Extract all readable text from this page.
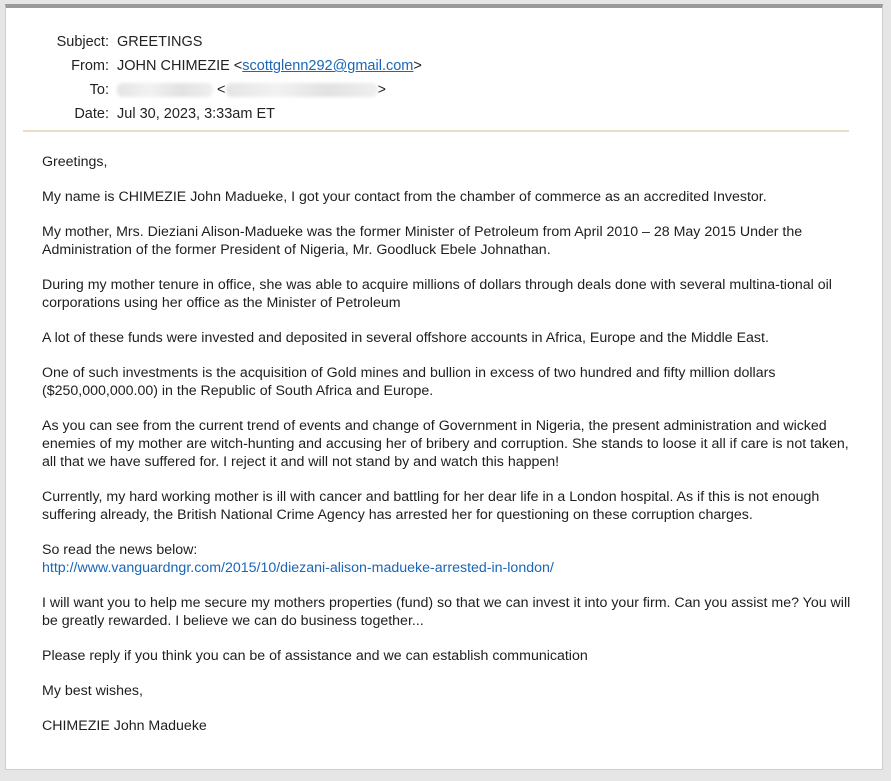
Subject: GREETINGS
From: JOHN CHIMEZIE <scottglenn292@gmail.com>
To:	<	>
Date: Jul 30, 2023, 3:33am ET

Greetings,

My name is CHIMEZIE John Madueke, I got your contact from the chamber of commerce as an accredited Investor.

My mother, Mrs. Dieziani Alison-Madueke was the former Minister of Petroleum from April 2010 – 28 May 2015 Under the Administration of the former President of Nigeria, Mr. Goodluck Ebele Johnathan.

During my mother tenure in office, she was able to acquire millions of dollars through deals done with several multina-tional oil corporations using her office as the Minister of Petroleum

A lot of these funds were invested and deposited in several offshore accounts in Africa, Europe and the Middle East.

One of such investments is the acquisition of Gold mines and bullion in excess of two hundred and fifty million dollars ($250,000,000.00) in the Republic of South Africa and Europe.

As you can see from the current trend of events and change of Government in Nigeria, the present administration and wicked enemies of my mother are witch-hunting and accusing her of bribery and corruption. She stands to loose it all if care is not taken, all that we have suffered for. I reject it and will not stand by and watch this happen!

Currently, my hard working mother is ill with cancer and battling for her dear life in a London hospital. As if this is not enough suffering already, the British National Crime Agency has arrested her for questioning on these corruption charges.

So read the news below:
http://www.vanguardngr.com/2015/10/diezani-alison-madueke-arrested-in-london/

I will want you to help me secure my mothers properties (fund) so that we can invest it into your firm. Can you assist me? You will be greatly rewarded. I believe we can do business together...

Please reply if you think you can be of assistance and we can establish communication

My best wishes,

CHIMEZIE John Madueke
